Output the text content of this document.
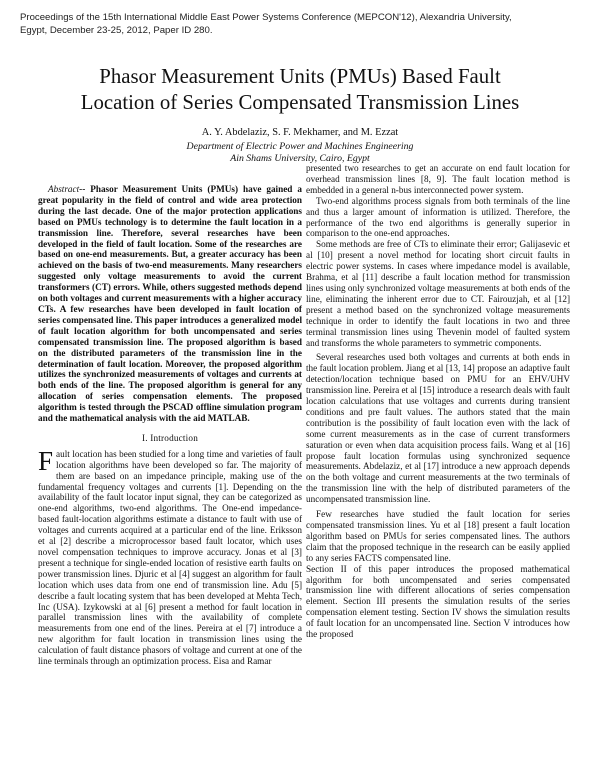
Proceedings of the 15th International Middle East Power Systems Conference (MEPCON'12), Alexandria University,
Egypt, December 23-25, 2012, Paper ID 280.
Phasor Measurement Units (PMUs) Based Fault
Location of Series Compensated Transmission Lines
A. Y. Abdelaziz, S. F. Mekhamer, and M. Ezzat
Department of Electric Power and Machines Engineering
Ain Shams University, Cairo, Egypt

Abstract-- Phasor Measurement Units (PMUs) have gained a great popularity in the field of control and wide area protection during the last decade. One of the major protection applications based on PMUs technology is to determine the fault location in a transmission line. Therefore, several researches have been developed in the field of fault location. Some of the researches are based on one-end measurements. But, a greater accuracy has been achieved on the basis of two-end measurements. Many researchers suggested only voltage measurements to avoid the current transformers (CT) errors. While, others suggested methods depend on both voltages and current measurements with a higher accuracy CTs. A few researches have been developed in fault location of series compensated line. This paper introduces a generalized model of fault location algorithm for both uncompensated and series compensated transmission line. The proposed algorithm is based on the distributed parameters of the transmission line in the determination of fault location. Moreover, the proposed algorithm utilizes the synchronized measurements of voltages and currents at both ends of the line. The proposed algorithm is general for any allocation of series compensation elements. The proposed algorithm is tested through the PSCAD offline simulation program and the mathematical analysis with the aid MATLAB.

I. Introduction

Fault location has been studied for a long time and varieties of fault location algorithms have been developed so far. The majority of them are based on an impedance principle, making use of the fundamental frequency voltages and currents [1]. Depending on the availability of the fault locator input signal, they can be categorized as one-end algorithms, two-end algorithms. The One-end impedance-based fault-location algorithms estimate a distance to fault with use of voltages and currents acquired at a particular end of the line. Eriksson et al [2] describe a microprocessor based fault locator, which uses novel compensation techniques to improve accuracy. Jonas et al [3] present a technique for single-ended location of resistive earth faults on power transmission lines. Djuric et al [4] suggest an algorithm for fault location which uses data from one end of transmission line. Adu [5] describe a fault locating system that has been developed at Mehta Tech, Inc (USA). Izykowski at al [6] present a method for fault location in parallel transmission lines with the availability of complete measurements from one end of the lines. Pereira at el [7] introduce a new algorithm for fault location in transmission lines using the calculation of fault distance phasors of voltage and current at one of the line terminals through an optimization process. Eisa and Ramar

presented two researches to get an accurate on end fault location for overhead transmission lines [8, 9]. The fault location method is embedded in a general n-bus interconnected power system.

Two-end algorithms process signals from both terminals of the line and thus a larger amount of information is utilized. Therefore, the performance of the two end algorithms is generally superior in comparison to the one-end approaches.

Some methods are free of CTs to eliminate their error; Galijasevic et al [10] present a novel method for locating short circuit faults in electric power systems. In cases where impedance model is available, Brahma, et al [11] describe a fault location method for transmission lines using only synchronized voltage measurements at both ends of the line, eliminating the inherent error due to CT. Fairouzjah, et al [12] present a method based on the synchronized voltage measurements technique in order to identify the fault locations in two and three terminal transmission lines using Thevenin model of faulted system and transforms the whole parameters to symmetric components.

Several researches used both voltages and currents at both ends in the fault location problem. Jiang et al [13, 14] propose an adaptive fault detection/location technique based on PMU for an EHV/UHV transmission line. Pereira et al [15] introduce a research deals with fault location calculations that use voltages and currents during transient conditions and pre fault values. The authors stated that the main contribution is the possibility of fault location even with the lack of some current measurements as in the case of current transformers saturation or even when data acquisition process fails. Wang et al [16] propose fault location formulas using synchronized sequence measurements. Abdelaziz, et al [17] introduce a new approach depends on the both voltage and current measurements at the two terminals of the transmission line with the help of distributed parameters of the uncompensated transmission line.

Few researches have studied the fault location for series compensated transmission lines. Yu et al [18] present a fault location algorithm based on PMUs for series compensated lines. The authors claim that the proposed technique in the research can be easily applied to any series FACTS compensated line.

Section II of this paper introduces the proposed mathematical algorithm for both uncompensated and series compensated transmission line with different allocations of series compensation element. Section III presents the simulation results of the series compensation element testing. Section IV shows the simulation results of fault location for an uncompensated line. Section V introduces how the proposed
